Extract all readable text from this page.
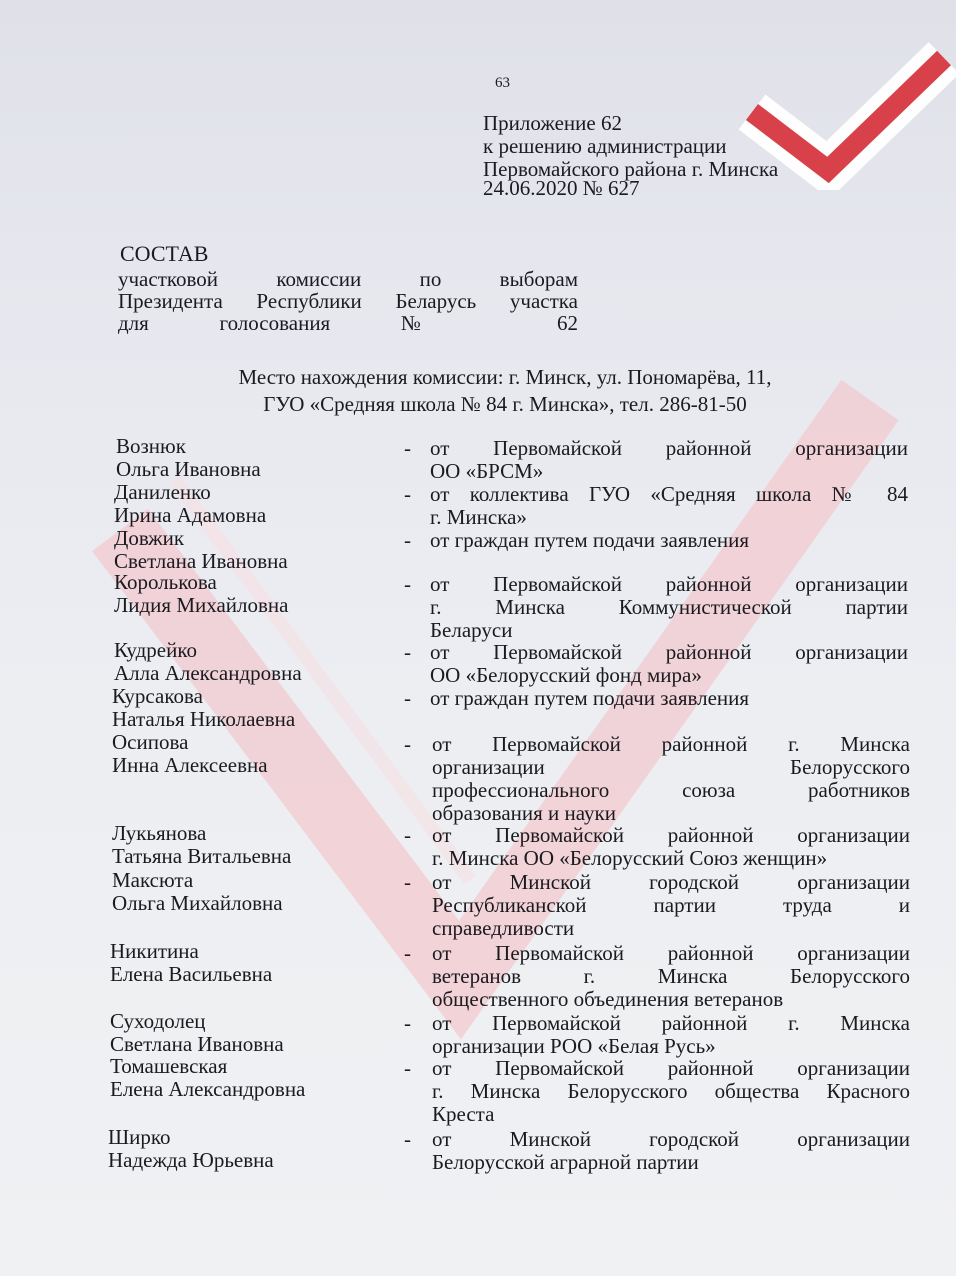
63
Приложение 62
к решению администрации
Первомайского района г. Минска
24.06.2020 № 627
СОСТАВ
участковой комиссии по выборам
Президента Республики Беларусь участка
для голосования № 62
Место нахождения комиссии: г. Минск, ул. Пономарёва, 11,
ГУО «Средняя школа № 84 г. Минска», тел. 286-81-50
Вознюк
Ольга Ивановна
- от Первомайской районной организации
ОО «БРСМ»
Даниленко
Ирина Адамовна
- от коллектива ГУО «Средняя школа № 84
г. Минска»
Довжик
Светлана Ивановна
- от граждан путем подачи заявления
Королькова
Лидия Михайловна
- от Первомайской районной организации
г. Минска Коммунистической партии
Беларуси
Кудрейко
Алла Александровна
- от Первомайской районной организации
ОО «Белорусский фонд мира»
Курсакова
Наталья Николаевна
- от граждан путем подачи заявления
Осипова
Инна Алексеевна
- от Первомайской районной г. Минска
организации Белорусского
профессионального союза работников
образования и науки
Лукьянова
Татьяна Витальевна
- от Первомайской районной организации
г. Минска ОО «Белорусский Союз женщин»
Максюта
Ольга Михайловна
- от Минской городской организации
Республиканской партии труда и
справедливости
Никитина
Елена Васильевна
- от Первомайской районной организации
ветеранов г. Минска Белорусского
общественного объединения ветеранов
Суходолец
Светлана Ивановна
- от Первомайской районной г. Минска
организации РОО «Белая Русь»
Томашевская
Елена Александровна
- от Первомайской районной организации
г. Минска Белорусского общества Красного
Креста
Ширко
Надежда Юрьевна
- от Минской городской организации
Белорусской аграрной партии
